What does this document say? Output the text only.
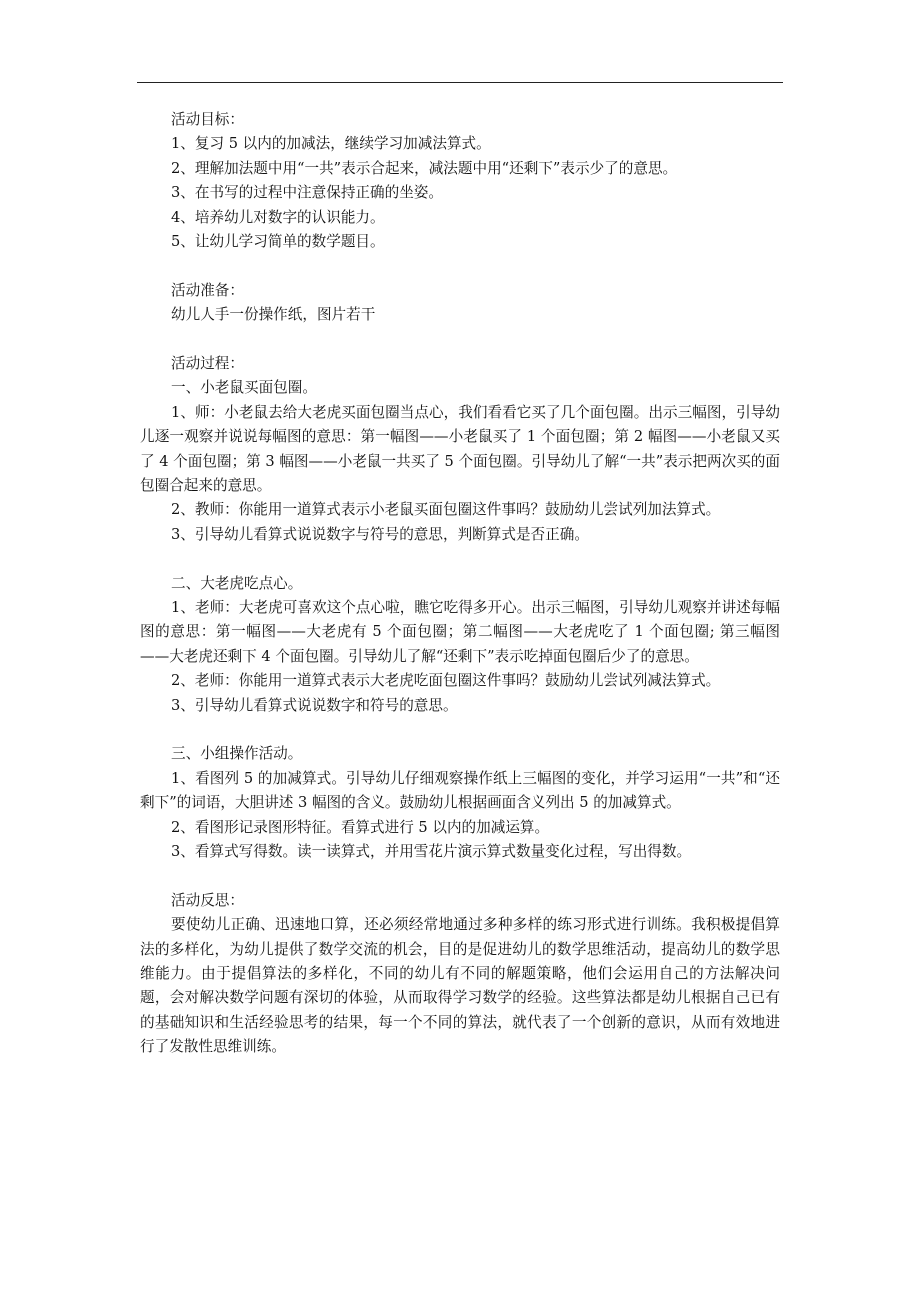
活动目标：
1、复习 5 以内的加减法，继续学习加减法算式。
2、理解加法题中用“一共”表示合起来，减法题中用“还剩下”表示少了的意思。
3、在书写的过程中注意保持正确的坐姿。
4、培养幼儿对数字的认识能力。
5、让幼儿学习简单的数学题目。
活动准备：
幼儿人手一份操作纸，图片若干
活动过程：
一、小老鼠买面包圈。

1、师：小老鼠去给大老虎买面包圈当点心，我们看看它买了几个面包圈。出示三幅图，引导幼儿逐一观察并说说每幅图的意思：第一幅图——小老鼠买了 1 个面包圈；第 2 幅图——小老鼠又买了 4 个面包圈；第 3 幅图——小老鼠一共买了 5 个面包圈。引导幼儿了解“一共”表示把两次买的面包圈合起来的意思。

2、教师：你能用一道算式表示小老鼠买面包圈这件事吗？鼓励幼儿尝试列加法算式。

3、引导幼儿看算式说说数字与符号的意思，判断算式是否正确。

二、大老虎吃点心。

1、老师：大老虎可喜欢这个点心啦，瞧它吃得多开心。出示三幅图，引导幼儿观察并讲述每幅图的意思：第一幅图——大老虎有 5 个面包圈；第二幅图——大老虎吃了 1 个面包圈; 第三幅图——大老虎还剩下 4 个面包圈。引导幼儿了解“还剩下”表示吃掉面包圈后少了的意思。

2、老师：你能用一道算式表示大老虎吃面包圈这件事吗？鼓励幼儿尝试列减法算式。

3、引导幼儿看算式说说数字和符号的意思。

三、小组操作活动。

1、看图列 5 的加减算式。引导幼儿仔细观察操作纸上三幅图的变化，并学习运用“一共”和“还剩下”的词语，大胆讲述 3 幅图的含义。鼓励幼儿根据画面含义列出 5 的加减算式。

2、看图形记录图形特征。看算式进行 5 以内的加减运算。

3、看算式写得数。读一读算式，并用雪花片演示算式数量变化过程，写出得数。

活动反思：

要使幼儿正确、迅速地口算，还必须经常地通过多种多样的练习形式进行训练。我积极提倡算法的多样化，为幼儿提供了数学交流的机会，目的是促进幼儿的数学思维活动，提高幼儿的数学思维能力。由于提倡算法的多样化，不同的幼儿有不同的解题策略，他们会运用自己的方法解决问题，会对解决数学问题有深切的体验，从而取得学习数学的经验。这些算法都是幼儿根据自己已有的基础知识和生活经验思考的结果，每一个不同的算法，就代表了一个创新的意识，从而有效地进行了发散性思维训练。
